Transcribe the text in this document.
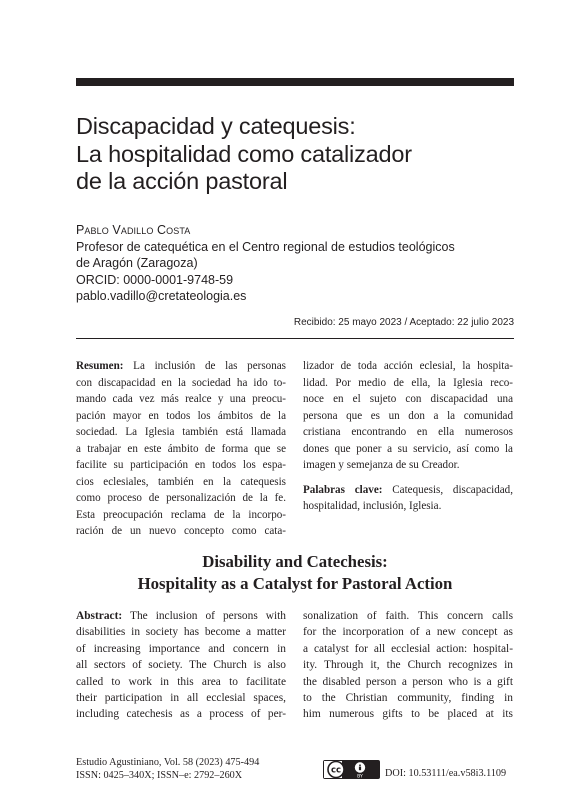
Discapacidad y catequesis:
La hospitalidad como catalizador
de la acción pastoral
Pablo Vadillo Costa
Profesor de catequética en el Centro regional de estudios teológicos
de Aragón (Zaragoza)
ORCID: 0000-0001-9748-59
pablo.vadillo@cretateologia.es
Recibido: 25 mayo 2023 / Aceptado: 22 julio 2023
Resumen: La inclusión de las personas
con discapacidad en la sociedad ha ido to-
mando cada vez más realce y una preocu-
pación mayor en todos los ámbitos de la
sociedad. La Iglesia también está llamada
a trabajar en este ámbito de forma que se
facilite su participación en todos los espa-
cios eclesiales, también en la catequesis
como proceso de personalización de la fe.
Esta preocupación reclama de la incorpo-
ración de un nuevo concepto como cata-
lizador de toda acción eclesial, la hospita-
lidad. Por medio de ella, la Iglesia reco-
noce en el sujeto con discapacidad una
persona que es un don a la comunidad
cristiana encontrando en ella numerosos
dones que poner a su servicio, así como la
imagen y semejanza de su Creador.
Palabras clave: Catequesis, discapacidad,
hospitalidad, inclusión, Iglesia.
Disability and Catechesis:
Hospitality as a Catalyst for Pastoral Action
Abstract: The inclusion of persons with
disabilities in society has become a matter
of increasing importance and concern in
all sectors of society. The Church is also
called to work in this area to facilitate
their participation in all ecclesial spaces,
including catechesis as a process of per-
sonalization of faith. This concern calls
for the incorporation of a new concept as
a catalyst for all ecclesial action: hospital-
ity. Through it, the Church recognizes in
the disabled person a person who is a gift
to the Christian community, finding in
him numerous gifts to be placed at its
Estudio Agustiniano, Vol. 58 (2023) 475-494
ISSN: 0425–340X; ISSN–e: 2792–260X	cc
BY DOI: 10.53111/ea.v58i3.1109
